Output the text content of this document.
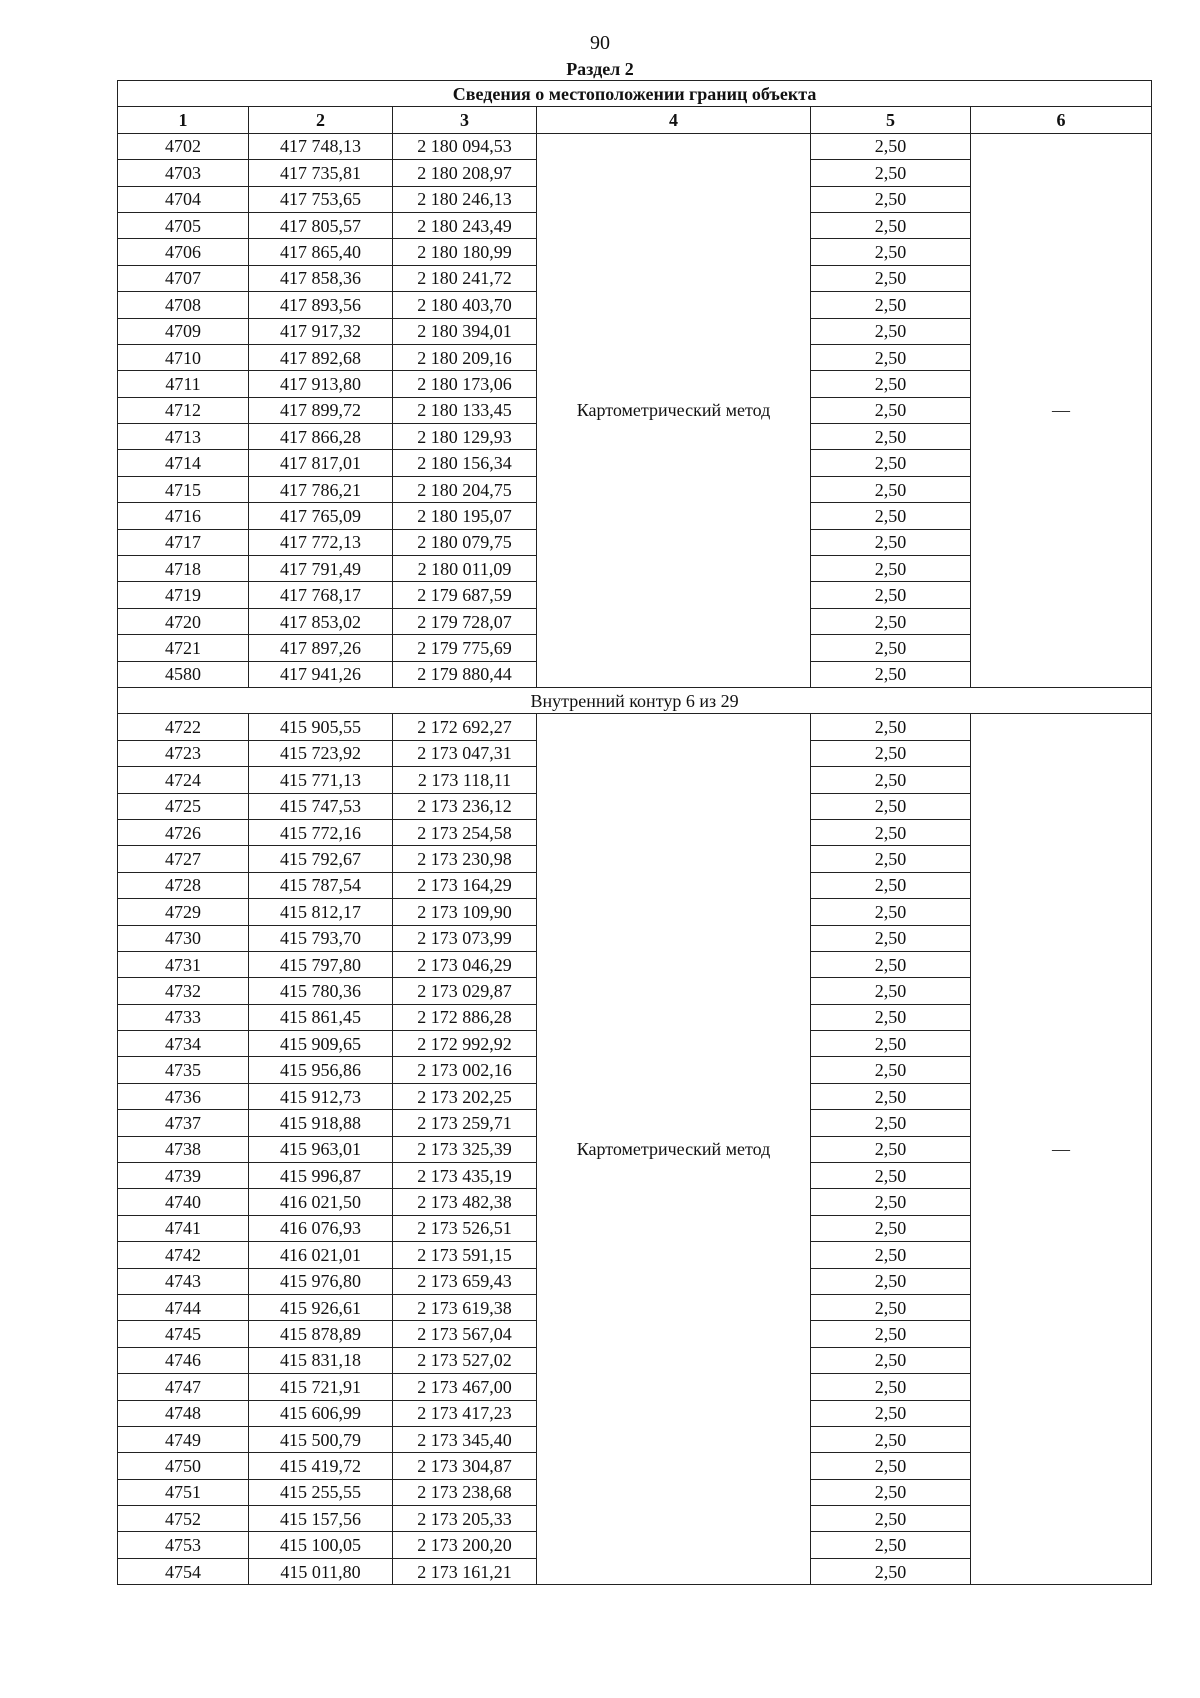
90
Раздел 2
Сведения о местоположении границ объекта					
1	2	3	4	5	6
4702	417 748,13	2 180 094,53	Картометрический метод	2,50	—
4703	417 735,81	2 180 208,97		2,50	
4704	417 753,65	2 180 246,13		2,50	
4705	417 805,57	2 180 243,49		2,50	
4706	417 865,40	2 180 180,99		2,50	
4707	417 858,36	2 180 241,72		2,50	
4708	417 893,56	2 180 403,70		2,50	
4709	417 917,32	2 180 394,01		2,50	
4710	417 892,68	2 180 209,16		2,50	
4711	417 913,80	2 180 173,06		2,50	
4712	417 899,72	2 180 133,45		2,50	
4713	417 866,28	2 180 129,93		2,50	
4714	417 817,01	2 180 156,34		2,50	
4715	417 786,21	2 180 204,75		2,50	
4716	417 765,09	2 180 195,07		2,50	
4717	417 772,13	2 180 079,75		2,50	
4718	417 791,49	2 180 011,09		2,50	
4719	417 768,17	2 179 687,59		2,50	
4720	417 853,02	2 179 728,07		2,50	
4721	417 897,26	2 179 775,69		2,50	
4580	417 941,26	2 179 880,44		2,50	
Внутренний контур 6 из 29					
4722	415 905,55	2 172 692,27	Картометрический метод	2,50	—
4723	415 723,92	2 173 047,31		2,50	
4724	415 771,13	2 173 118,11		2,50	
4725	415 747,53	2 173 236,12		2,50	
4726	415 772,16	2 173 254,58		2,50	
4727	415 792,67	2 173 230,98		2,50	
4728	415 787,54	2 173 164,29		2,50	
4729	415 812,17	2 173 109,90		2,50	
4730	415 793,70	2 173 073,99		2,50	
4731	415 797,80	2 173 046,29		2,50	
4732	415 780,36	2 173 029,87		2,50	
4733	415 861,45	2 172 886,28		2,50	
4734	415 909,65	2 172 992,92		2,50	
4735	415 956,86	2 173 002,16		2,50	
4736	415 912,73	2 173 202,25		2,50	
4737	415 918,88	2 173 259,71		2,50	
4738	415 963,01	2 173 325,39		2,50	
4739	415 996,87	2 173 435,19		2,50	
4740	416 021,50	2 173 482,38		2,50	
4741	416 076,93	2 173 526,51		2,50	
4742	416 021,01	2 173 591,15		2,50	
4743	415 976,80	2 173 659,43		2,50	
4744	415 926,61	2 173 619,38		2,50	
4745	415 878,89	2 173 567,04		2,50	
4746	415 831,18	2 173 527,02		2,50	
4747	415 721,91	2 173 467,00		2,50	
4748	415 606,99	2 173 417,23		2,50	
4749	415 500,79	2 173 345,40		2,50	
4750	415 419,72	2 173 304,87		2,50	
4751	415 255,55	2 173 238,68		2,50	
4752	415 157,56	2 173 205,33		2,50	
4753	415 100,05	2 173 200,20		2,50	
4754	415 011,80	2 173 161,21		2,50	
